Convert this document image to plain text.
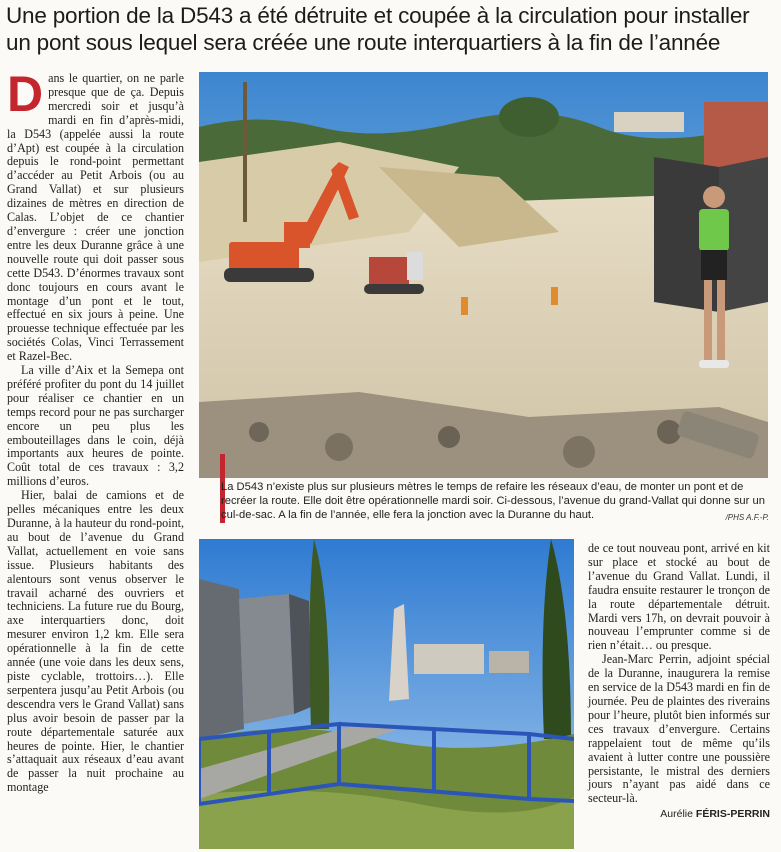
Une portion de la D543 a été détruite et coupée à la circulation pour installer un pont sous lequel sera créée une route interquartiers à la fin de l’année

Dans le quartier, on ne parle presque que de ça. Depuis mercredi soir et jusqu’à mardi en fin d’après-midi, la D543 (appelée aussi la route d’Apt) est coupée à la circulation depuis le rond-point permettant d’accéder au Petit Arbois (ou au Grand Vallat) et sur plusieurs dizaines de mètres en direction de Calas. L’objet de ce chantier d’envergure : créer une jonction entre les deux Duranne grâce à une nouvelle route qui doit passer sous cette D543. D’énormes travaux sont donc toujours en cours avant le montage d’un pont et le tout, effectué en six jours à peine. Une prouesse technique effectuée par les sociétés Colas, Vinci Terrassement et Razel-Bec.

La ville d’Aix et la Semepa ont préféré profiter du pont du 14 juillet pour réaliser ce chantier en un temps record pour ne pas surcharger encore un peu plus les embouteillages dans le coin, déjà importants aux heures de pointe. Coût total de ces travaux : 3,2 millions d’euros.

Hier, balai de camions et de pelles mécaniques entre les deux Duranne, à la hauteur du rond-point, au bout de l’avenue du Grand Vallat, actuellement en voie sans issue. Plusieurs habitants des alentours sont venus observer le travail acharné des ouvriers et techniciens. La future rue du Bourg, axe interquartiers donc, doit mesurer environ 1,2 km. Elle sera opérationnelle à la fin de cette année (une voie dans les deux sens, piste cyclable, trottoirs…). Elle serpentera jusqu’au Petit Arbois (ou descendra vers le Grand Vallat) sans plus avoir besoin de passer par la route départementale saturée aux heures de pointe. Hier, le chantier s’attaquait aux réseaux d’eau avant de passer la nuit prochaine au montage

La D543 n’existe plus sur plusieurs mètres le temps de refaire les réseaux d’eau, de monter un pont et de recréer la route. Elle doit être opérationnelle mardi soir. Ci-dessous, l’avenue du grand-Vallat qui donne sur un cul-de-sac. A la fin de l’année, elle fera la jonction avec la Duranne du haut.	/PHS A.F.-P.

de ce tout nouveau pont, arrivé en kit sur place et stocké au bout de l’avenue du Grand Vallat. Lundi, il faudra ensuite restaurer le tronçon de la route départementale détruit. Mardi vers 17h, on devrait pouvoir à nouveau l’emprunter comme si de rien n’était… ou presque.

Jean-Marc Perrin, adjoint spécial de la Duranne, inaugurera la remise en service de la D543 mardi en fin de journée. Peu de plaintes des riverains pour l’heure, plutôt bien informés sur ces travaux d’envergure. Certains rappelaient tout de même qu’ils avaient à lutter contre une poussière persistante, le mistral des derniers jours n’ayant pas aidé dans ce secteur-là.

Aurélie FÉRIS-PERRIN
